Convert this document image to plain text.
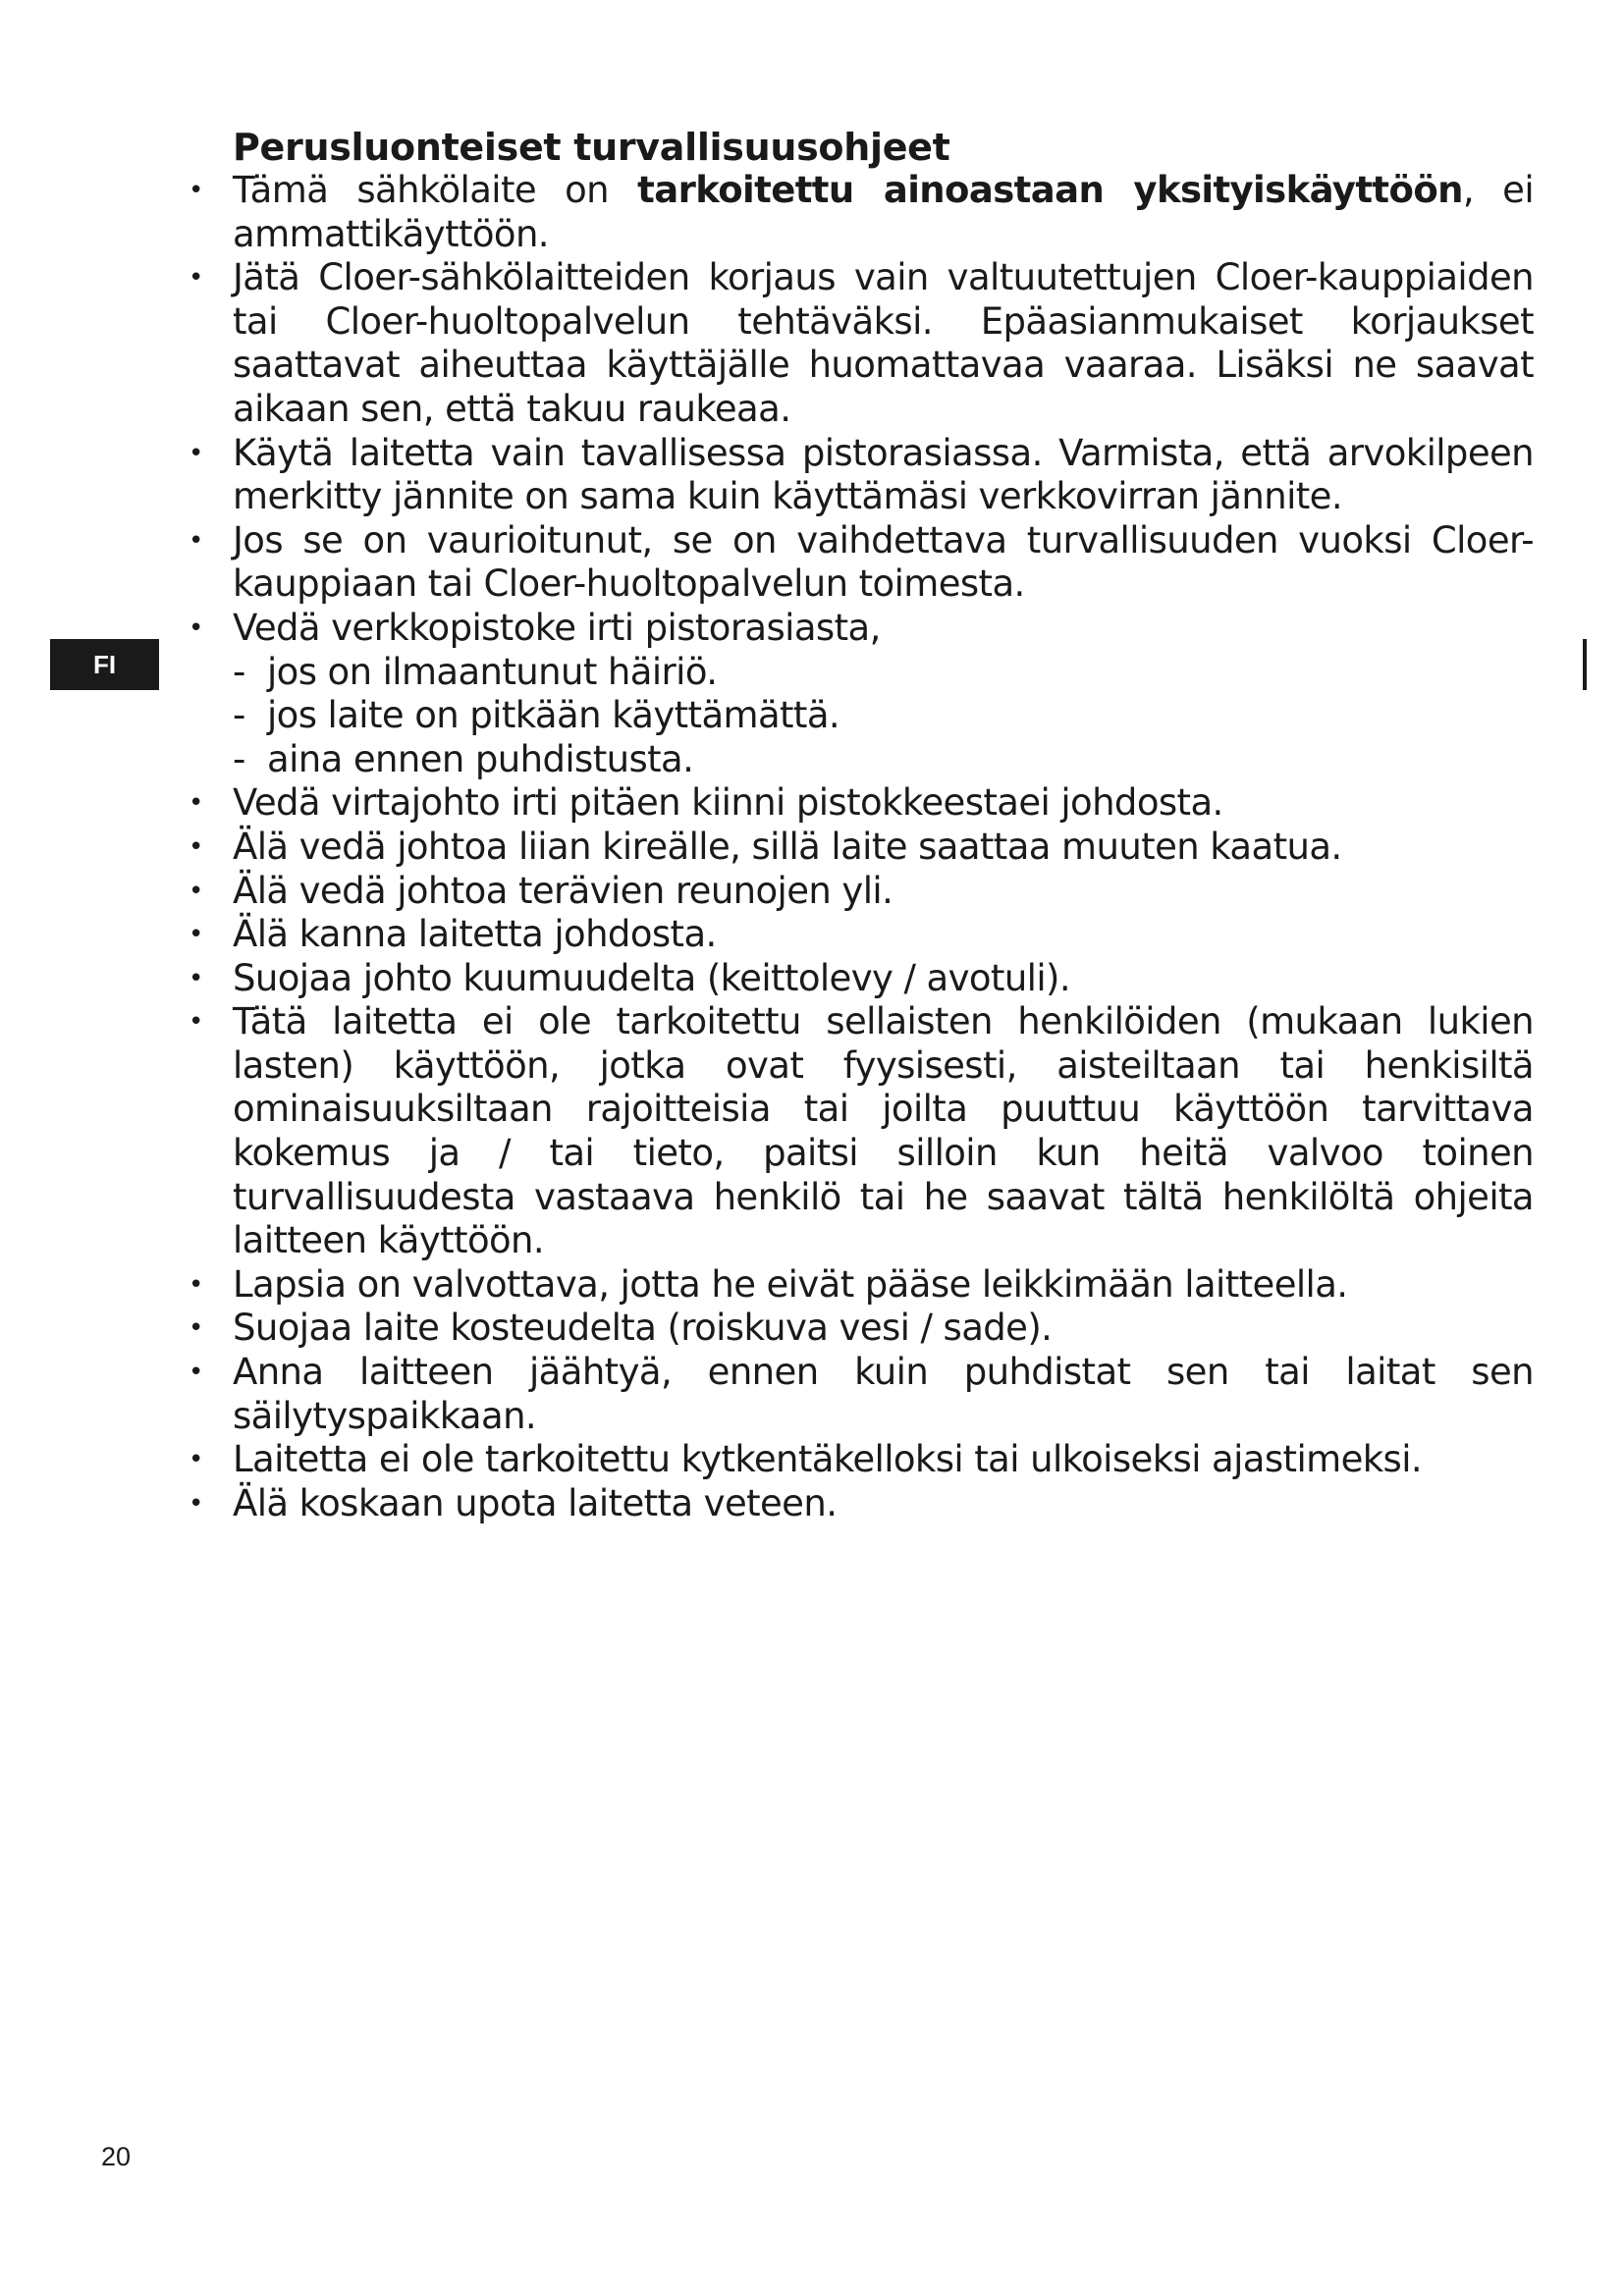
FI
Perusluonteiset turvallisuusohjeet
• Tämä sähkölaite on tarkoitettu ainoastaan yksityiskäyttöön, ei ammattikäyttöön.
• Jätä Cloer-sähkölaitteiden korjaus vain valtuutettujen Cloer-kauppiaiden tai Cloer-huoltopalvelun tehtäväksi. Epäasianmukaiset korjaukset saattavat aiheuttaa käyttäjälle huomattavaa vaaraa. Lisäksi ne saavat aikaan sen, että takuu raukeaa.
• Käytä laitetta vain tavallisessa pistorasiassa. Varmista, että arvokilpeen merkitty jännite on sama kuin käyttämäsi verkkovirran jännite.
• Jos se on vaurioitunut, se on vaihdettava turvallisuuden vuoksi Cloer-kauppiaan tai Cloer-huoltopalvelun toimesta.
• Vedä verkkopistoke irti pistorasiasta,
- jos on ilmaantunut häiriö.
- jos laite on pitkään käyttämättä.
- aina ennen puhdistusta.
• Vedä virtajohto irti pitäen kiinni pistokkeestaei johdosta.
• Älä vedä johtoa liian kireälle, sillä laite saattaa muuten kaatua.
• Älä vedä johtoa terävien reunojen yli.
• Älä kanna laitetta johdosta.
• Suojaa johto kuumuudelta (keittolevy / avotuli).
• Tätä laitetta ei ole tarkoitettu sellaisten henkilöiden (mukaan lukien lasten) käyttöön, jotka ovat fyysisesti, aisteiltaan tai henkisiltä ominaisuuksiltaan rajoitteisia tai joilta puuttuu käyttöön tarvittava kokemus ja / tai tieto, paitsi silloin kun heitä valvoo toinen turvallisuudesta vastaava henkilö tai he saavat tältä henkilöltä ohjeita laitteen käyttöön.
• Lapsia on valvottava, jotta he eivät pääse leikkimään laitteella.
• Suojaa laite kosteudelta (roiskuva vesi / sade).
• Anna laitteen jäähtyä, ennen kuin puhdistat sen tai laitat sen säilytyspaikkaan.
• Laitetta ei ole tarkoitettu kytkentäkelloksi tai ulkoiseksi ajastimeksi.
• Älä koskaan upota laitetta veteen.
20
